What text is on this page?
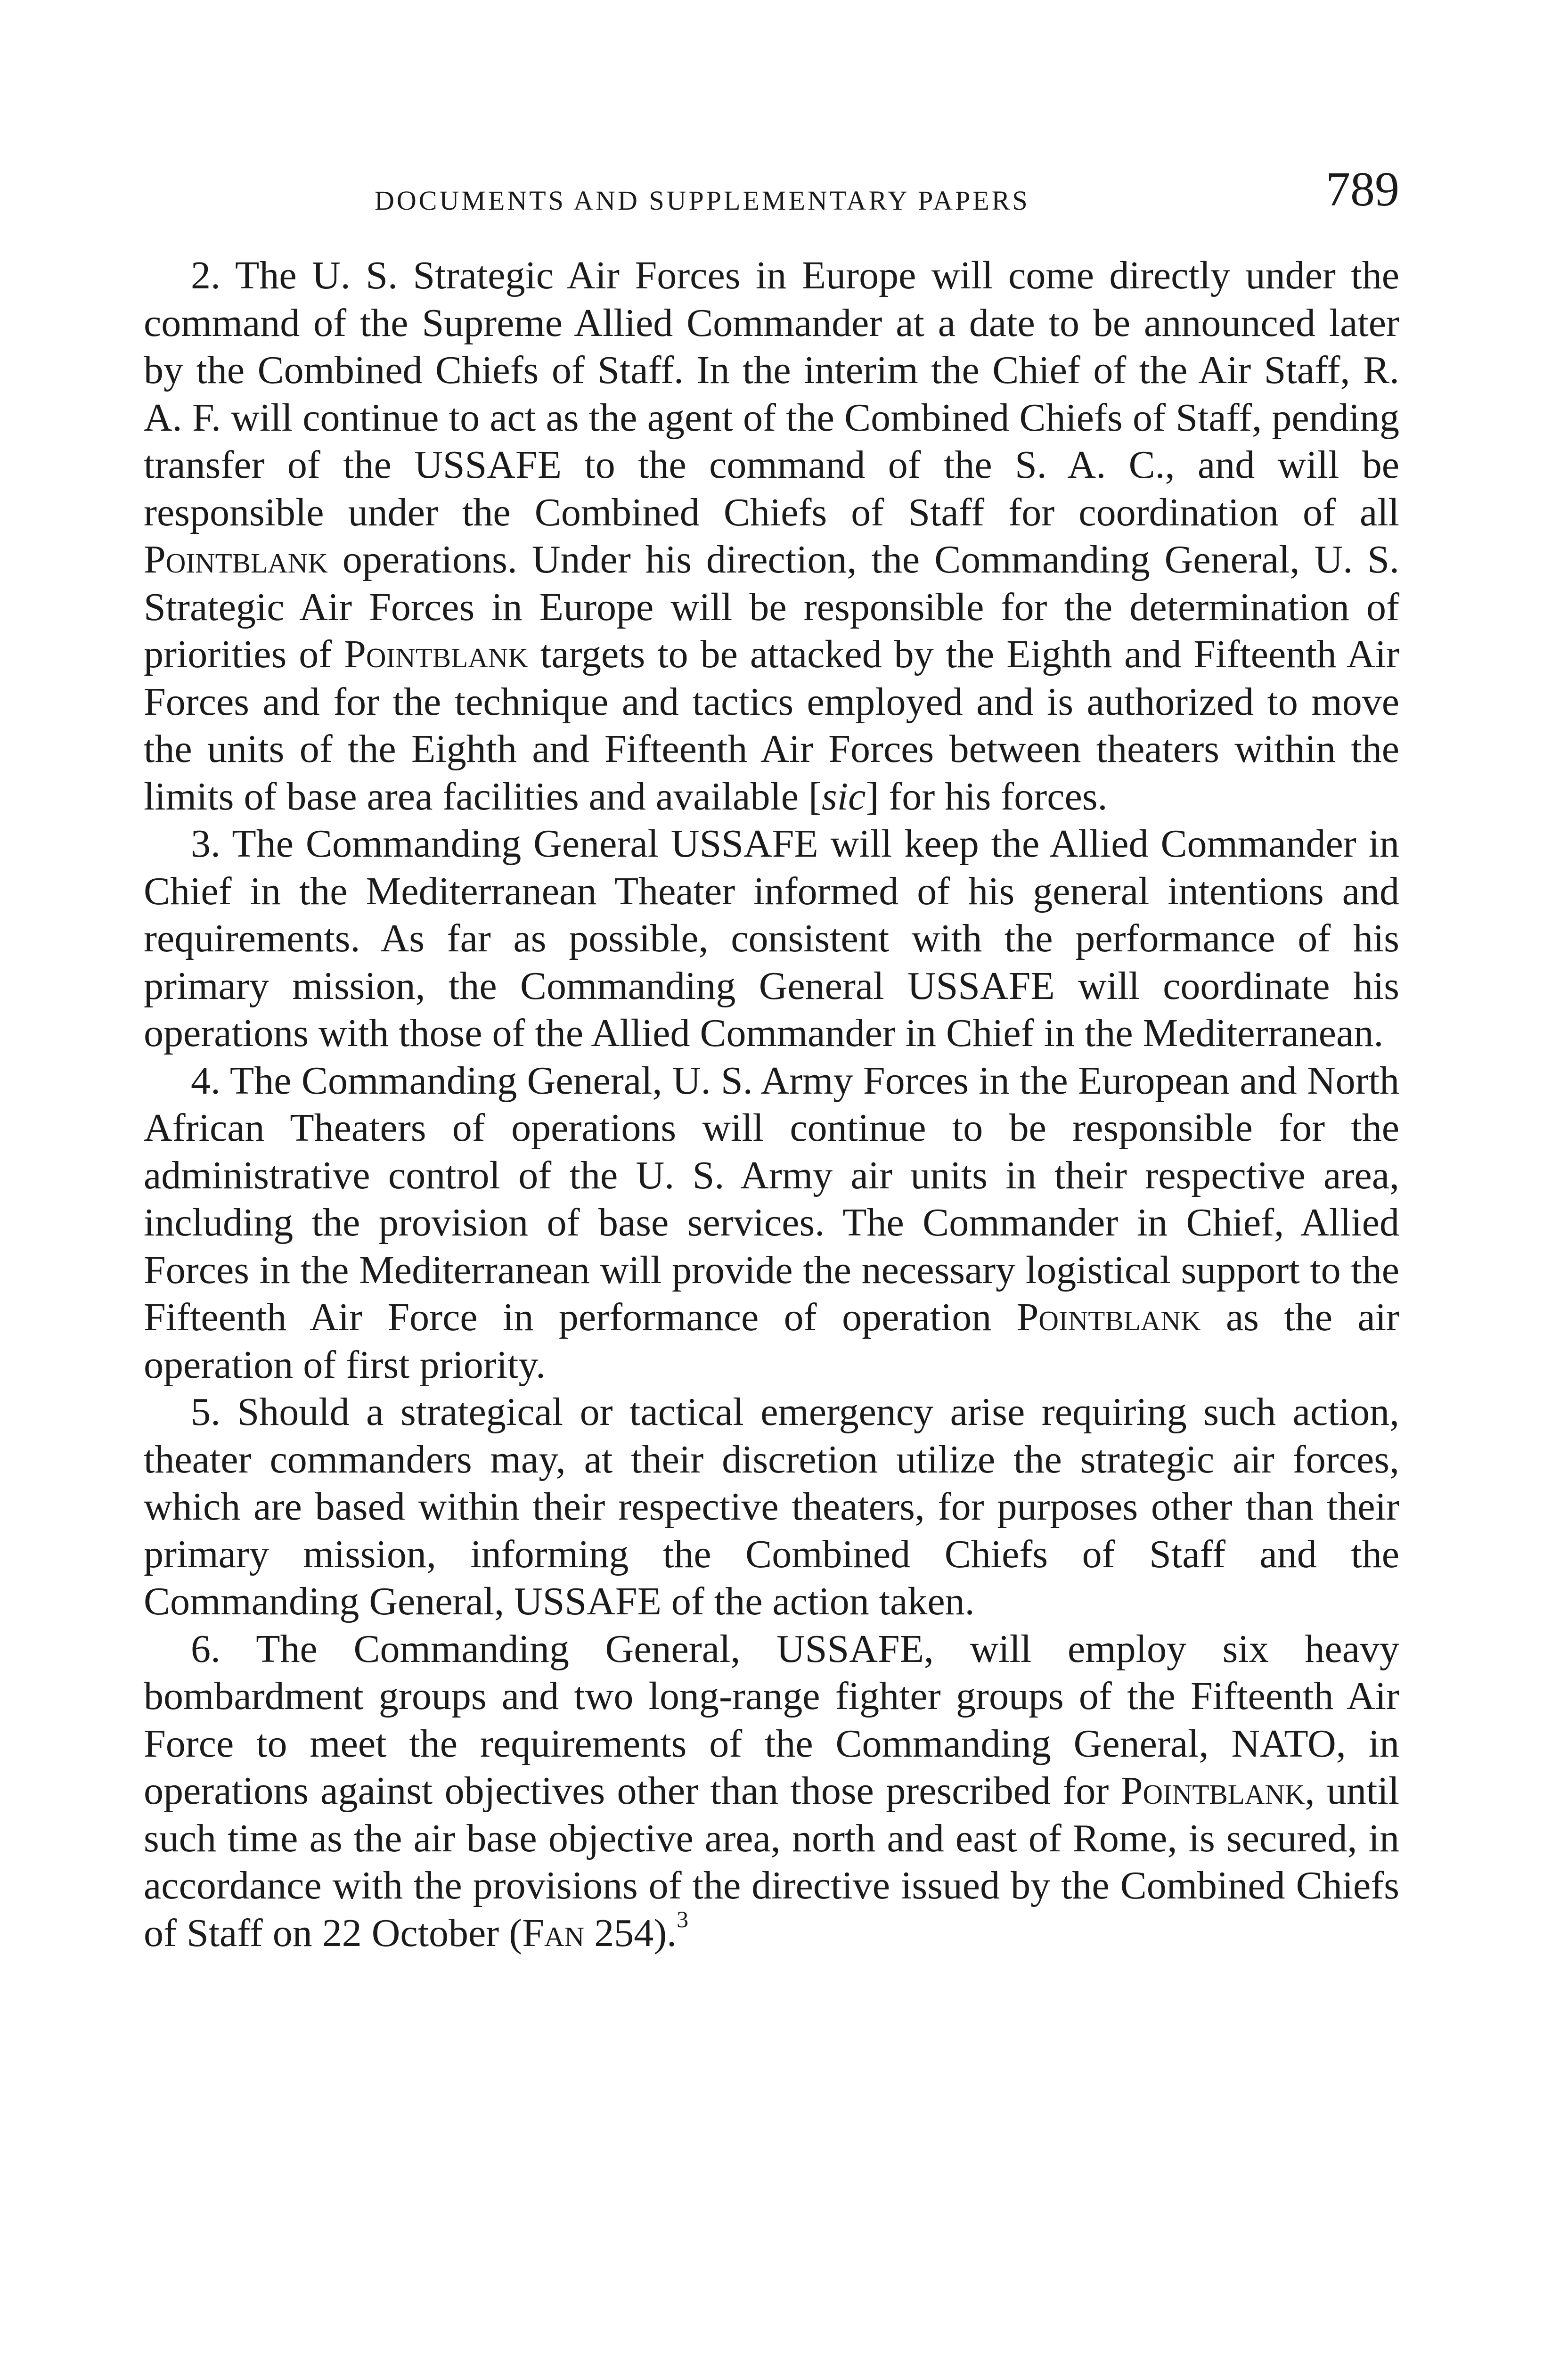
DOCUMENTS AND SUPPLEMENTARY PAPERS	789

2. The U. S. Strategic Air Forces in Europe will come directly under the command of the Supreme Allied Commander at a date to be announced later by the Combined Chiefs of Staff. In the interim the Chief of the Air Staff, R. A. F. will continue to act as the agent of the Combined Chiefs of Staff, pending transfer of the USSAFE to the command of the S. A. C., and will be responsible under the Combined Chiefs of Staff for coordination of all Pointblank operations. Under his direction, the Commanding General, U. S. Strategic Air Forces in Europe will be responsible for the determination of priorities of Pointblank targets to be attacked by the Eighth and Fifteenth Air Forces and for the technique and tactics employed and is authorized to move the units of the Eighth and Fifteenth Air Forces between theaters within the limits of base area facilities and available [sic] for his forces.

3. The Commanding General USSAFE will keep the Allied Commander in Chief in the Mediterranean Theater informed of his general intentions and requirements. As far as possible, consistent with the performance of his primary mission, the Commanding General USSAFE will coordinate his operations with those of the Allied Commander in Chief in the Mediterranean.

4. The Commanding General, U. S. Army Forces in the European and North African Theaters of operations will continue to be responsible for the administrative control of the U. S. Army air units in their respective area, including the provision of base services. The Commander in Chief, Allied Forces in the Mediterranean will provide the necessary logistical support to the Fifteenth Air Force in performance of operation Pointblank as the air operation of first priority.

5. Should a strategical or tactical emergency arise requiring such action, theater commanders may, at their discretion utilize the strategic air forces, which are based within their respective theaters, for purposes other than their primary mission, informing the Combined Chiefs of Staff and the Commanding General, USSAFE of the action taken.

6. The Commanding General, USSAFE, will employ six heavy bombardment groups and two long-range fighter groups of the Fifteenth Air Force to meet the requirements of the Commanding General, NATO, in operations against objectives other than those prescribed for Pointblank, until such time as the air base objective area, north and east of Rome, is secured, in accordance with the provisions of the directive issued by the Combined Chiefs of Staff on 22 October (Fan 254).$^3$
